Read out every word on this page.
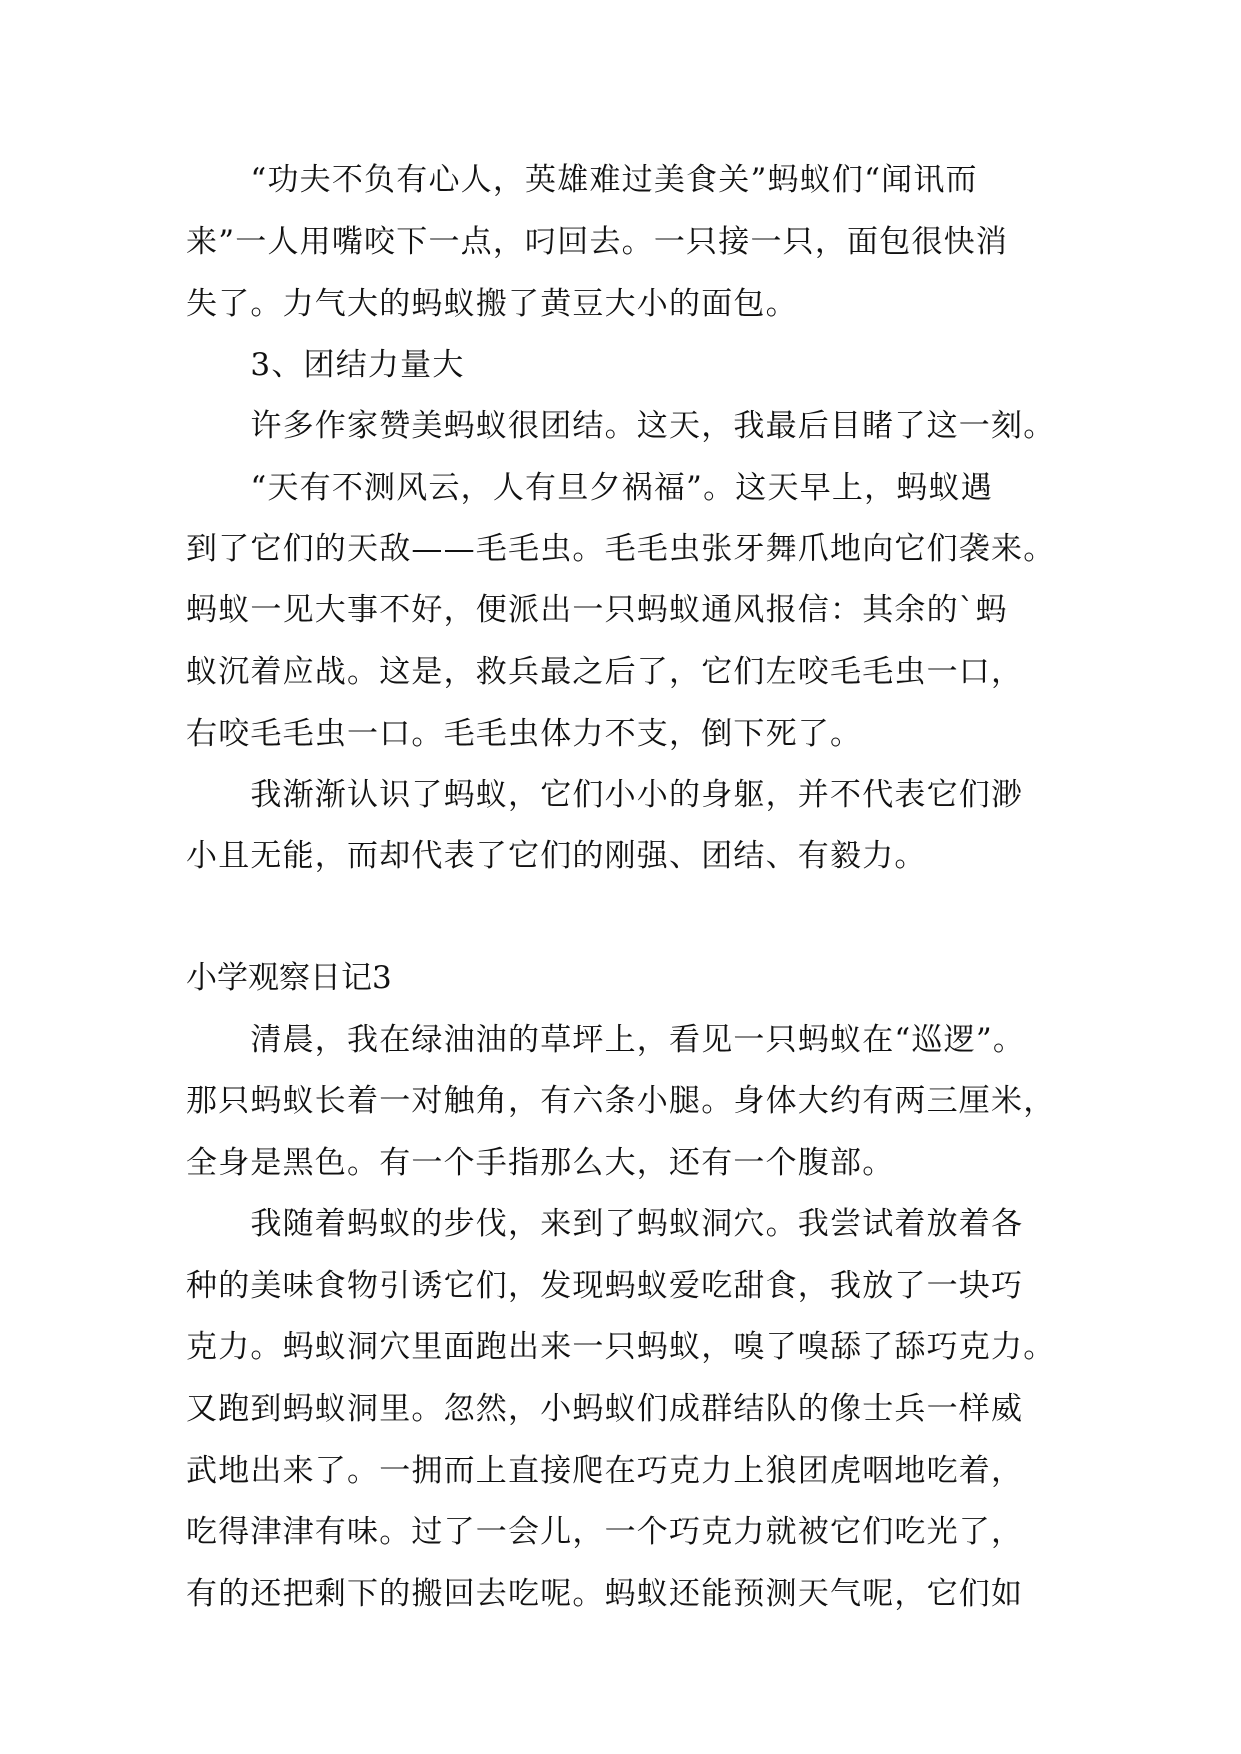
　　“功夫不负有心人，英雄难过美食关”蚂蚁们“闻讯而
来”一人用嘴咬下一点，叼回去。一只接一只，面包很快消
失了。力气大的蚂蚁搬了黄豆大小的面包。
　　3、团结力量大
　　许多作家赞美蚂蚁很团结。这天，我最后目睹了这一刻。
　　“天有不测风云，人有旦夕祸福”。这天早上，蚂蚁遇
到了它们的天敌——毛毛虫。毛毛虫张牙舞爪地向它们袭来。
蚂蚁一见大事不好，便派出一只蚂蚁通风报信：其余的`蚂
蚁沉着应战。这是，救兵最之后了，它们左咬毛毛虫一口，
右咬毛毛虫一口。毛毛虫体力不支，倒下死了。
　　我渐渐认识了蚂蚁，它们小小的身躯，并不代表它们渺
小且无能，而却代表了它们的刚强、团结、有毅力。
小学观察日记3
　　清晨，我在绿油油的草坪上，看见一只蚂蚁在“巡逻”。
那只蚂蚁长着一对触角，有六条小腿。身体大约有两三厘米，
全身是黑色。有一个手指那么大，还有一个腹部。
　　我随着蚂蚁的步伐，来到了蚂蚁洞穴。我尝试着放着各
种的美味食物引诱它们，发现蚂蚁爱吃甜食，我放了一块巧
克力。蚂蚁洞穴里面跑出来一只蚂蚁，嗅了嗅舔了舔巧克力。
又跑到蚂蚁洞里。忽然，小蚂蚁们成群结队的像士兵一样威
武地出来了。一拥而上直接爬在巧克力上狼团虎咽地吃着，
吃得津津有味。过了一会儿，一个巧克力就被它们吃光了，
有的还把剩下的搬回去吃呢。蚂蚁还能预测天气呢，它们如
